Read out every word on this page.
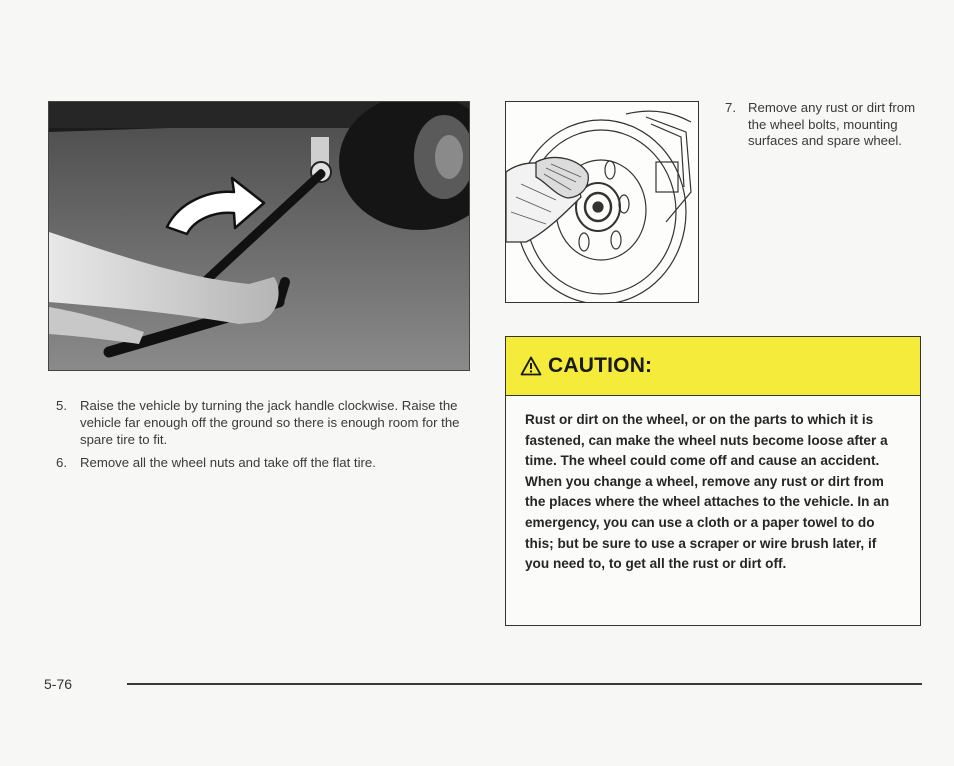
7. Remove any rust or dirt from the wheel bolts, mounting surfaces and spare wheel.
5. Raise the vehicle by turning the jack handle clockwise. Raise the vehicle far enough off the ground so there is enough room for the spare tire to fit.
6. Remove all the wheel nuts and take off the flat tire.
CAUTION:
Rust or dirt on the wheel, or on the parts to which it is fastened, can make the wheel nuts become loose after a time. The wheel could come off and cause an accident. When you change a wheel, remove any rust or dirt from the places where the wheel attaches to the vehicle. In an emergency, you can use a cloth or a paper towel to do this; but be sure to use a scraper or wire brush later, if you need to, to get all the rust or dirt off.
5-76
